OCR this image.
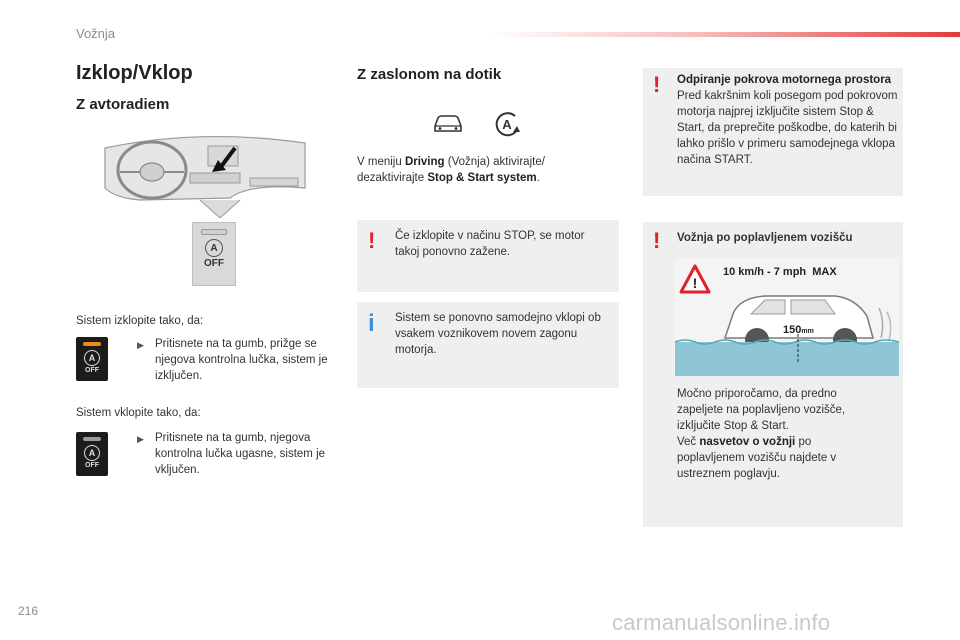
Vožnja
Izklop/Vklop
Z avtoradiem
A
OFF
Sistem izklopite tako, da:
A
OFF
▶ Pritisnete na ta gumb, prižge se njegova kontrolna lučka, sistem je izključen.
Sistem vklopite tako, da:
A
OFF
▶ Pritisnete na ta gumb, njegova kontrolna lučka ugasne, sistem je vključen.
Z zaslonom na dotik
A
V meniju Driving (Vožnja) aktivirajte/ dezaktivirajte Stop & Start system.
! Če izklopite v načinu STOP, se motor takoj ponovno zažene.
i Sistem se ponovno samodejno vklopi ob vsakem voznikovem novem zagonu motorja.
! Odpiranje pokrova motornega prostora
Pred kakršnim koli posegom pod pokrovom motorja najprej izključite sistem Stop & Start, da preprečite poškodbe, do katerih bi lahko prišlo v primeru samodejnega vklopa načina START.
! Vožnja po poplavljenem vozišču
!
10 km/h - 7 mph  MAX
150mm
Močno priporočamo, da predno zapeljete na poplavljeno vozišče, izključite Stop & Start.
Več nasvetov o vožnji po poplavljenem vozišču najdete v ustreznem poglavju.
216	carmanualsonline.info
